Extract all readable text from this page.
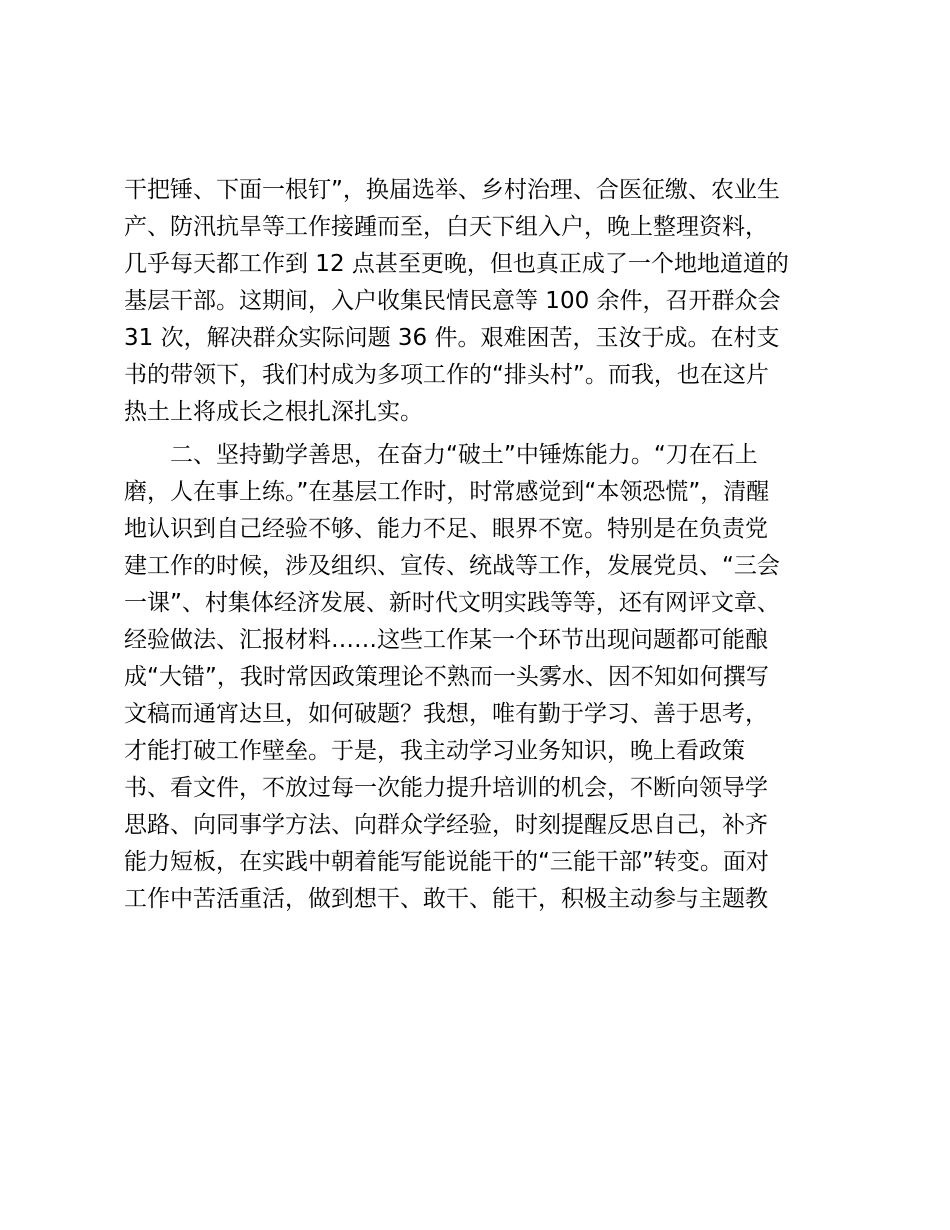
干把锤、下面一根钉”，换届选举、乡村治理、合医征缴、农业生
产、防汛抗旱等工作接踵而至，白天下组入户，晚上整理资料，
几乎每天都工作到 12 点甚至更晚，但也真正成了一个地地道道的
基层干部。这期间，入户收集民情民意等 100 余件，召开群众会
31 次，解决群众实际问题 36 件。艰难困苦，玉汝于成。在村支
书的带领下，我们村成为多项工作的“排头村”。而我，也在这片
热土上将成长之根扎深扎实。
二、坚持勤学善思，在奋力“破土”中锤炼能力。“刀在石上
磨，人在事上练。”在基层工作时，时常感觉到“本领恐慌”，清醒
地认识到自己经验不够、能力不足、眼界不宽。特别是在负责党
建工作的时候，涉及组织、宣传、统战等工作，发展党员、“三会
一课”、村集体经济发展、新时代文明实践等等，还有网评文章、
经验做法、汇报材料……这些工作某一个环节出现问题都可能酿
成“大错”，我时常因政策理论不熟而一头雾水、因不知如何撰写
文稿而通宵达旦，如何破题？我想，唯有勤于学习、善于思考，
才能打破工作壁垒。于是，我主动学习业务知识，晚上看政策
书、看文件，不放过每一次能力提升培训的机会，不断向领导学
思路、向同事学方法、向群众学经验，时刻提醒反思自己，补齐
能力短板，在实践中朝着能写能说能干的“三能干部”转变。面对
工作中苦活重活，做到想干、敢干、能干，积极主动参与主题教
